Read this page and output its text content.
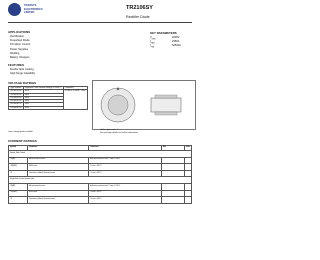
TRANSYS
ELECTRONICS
LIMITED
TR2106SY
Rectifier Diode
APPLICATIONS
Rectification
Freewheel Diode
DC Motor Control
Power Supplies
Welding
Battery Chargers
FEATURES
Double Side Cooling
High Surge Capability
KEY PARAMETERS
$V_{RRM}$
4000V
$I_{F(AV)}$
2950A
$I_{FSM}$
52500A
VOLTAGE RATINGS
Type Number	Repetitive Peak Reverse Voltage V RRM V	Conditions
TR2106SY40	4000	V RSM = V RRM + 100V
TR2106SY38	3800	
TR2106SY36	3600	
TR2106SY34	3400	
TR2106SY32	3200	
TR2106SY30	3000	
Lower voltage grades available.
Outline type code : Y
See package details for further information.
CURRENT RATINGS
Symbol	Parameter	Conditions	Max.	Units
Double Side Cooled				
I F(AV)	Mean forward current	Half wave resistive load, T case = 100°C		
I F(RMS)	RMS value	T case = 100°C		
I F	Continuous (direct) forward current	T case = 100°C		
Single Side Cooled (anode side)				
I F(AV)	Mean forward current	Half wave resistive load, T case = 100°C		
I F(RMS)	RMS value	T case = 100°C		
I F	Continuous (direct) forward current	T case = 100°C		
